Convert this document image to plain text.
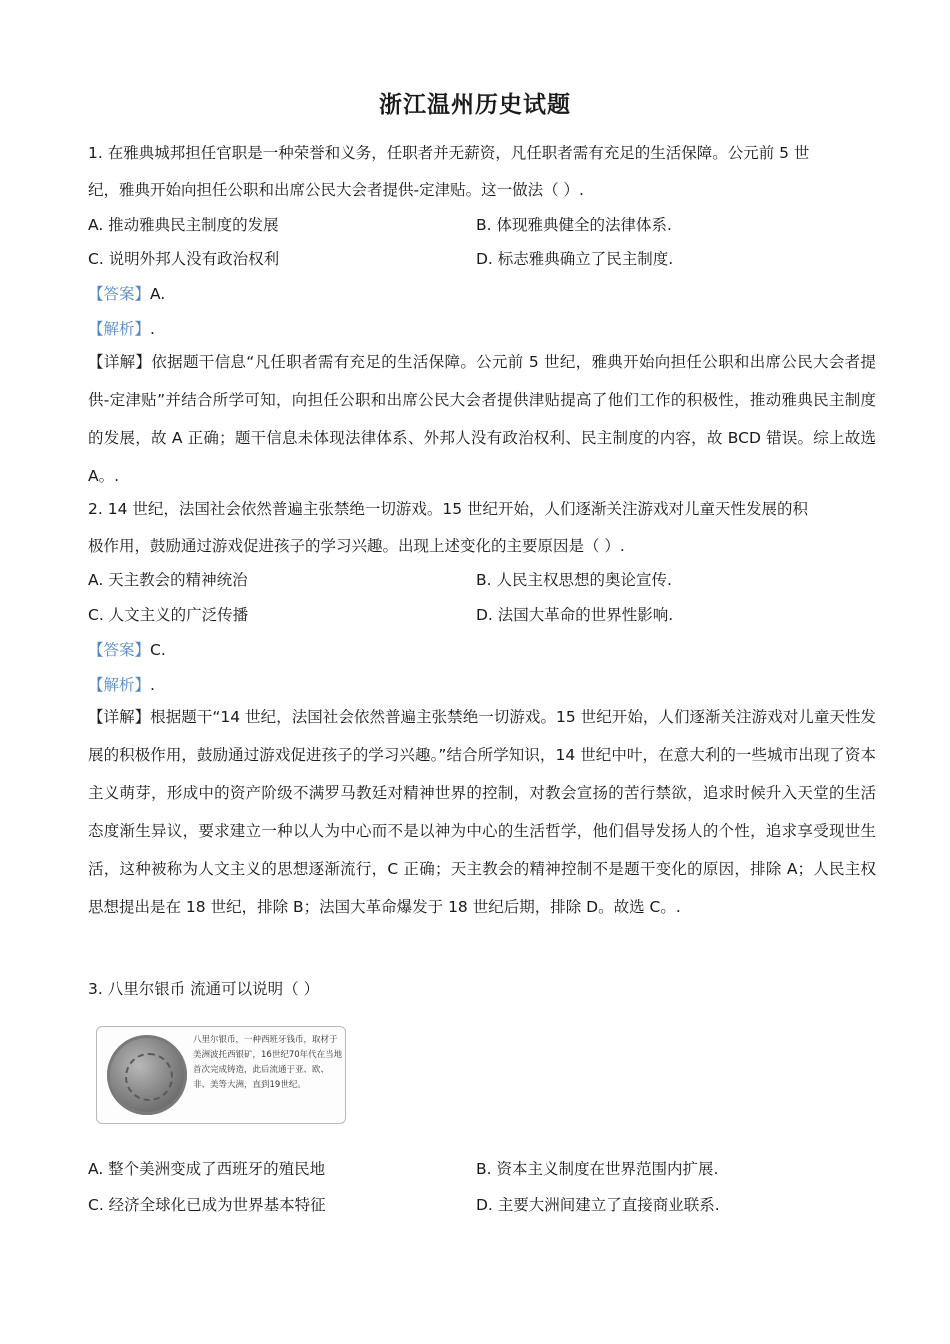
浙江温州历史试题
1. 在雅典城邦担任官职是一种荣誉和义务，任职者并无薪资，凡任职者需有充足的生活保障。公元前 5 世
纪，雅典开始向担任公职和出席公民大会者提供-定津贴。这一做法（ ）.
A. 推动雅典民主制度的发展	B. 体现雅典健全的法律体系.
C. 说明外邦人没有政治权利	D. 标志雅典确立了民主制度.
【答案】A.
【解析】.
【详解】依据题干信息“凡任职者需有充足的生活保障。公元前 5 世纪，雅典开始向担任公职和出席公民大会者提供-定津贴”并结合所学可知，向担任公职和出席公民大会者提供津贴提高了他们工作的积极性，推动雅典民主制度的发展，故 A 正确；题干信息未体现法律体系、外邦人没有政治权利、民主制度的内容，故 BCD 错误。综上故选 A。.
2. 14 世纪，法国社会依然普遍主张禁绝一切游戏。15 世纪开始，人们逐渐关注游戏对儿童天性发展的积
极作用，鼓励通过游戏促进孩子的学习兴趣。出现上述变化的主要原因是（ ）.
A. 天主教会的精神统治	B. 人民主权思想的奥论宣传.
C. 人文主义的广泛传播	D. 法国大革命的世界性影响.
【答案】C.
【解析】.
【详解】根据题干“14 世纪，法国社会依然普遍主张禁绝一切游戏。15 世纪开始，人们逐渐关注游戏对儿童天性发展的积极作用，鼓励通过游戏促进孩子的学习兴趣。”结合所学知识，14 世纪中叶，在意大利的一些城市出现了资本主义萌芽，形成中的资产阶级不满罗马教廷对精神世界的控制，对教会宣扬的苦行禁欲，追求时候升入天堂的生活态度渐生异议，要求建立一种以人为中心而不是以神为中心的生活哲学，他们倡导发扬人的个性，追求享受现世生活，这种被称为人文主义的思想逐渐流行，C 正确；天主教会的精神控制不是题干变化的原因，排除 A；人民主权思想提出是在 18 世纪，排除 B；法国大革命爆发于 18 世纪后期，排除 D。故选 C。.
3. 八里尔银币 流通可以说明（ ）
八里尔银币，一种西班牙钱币，取材于美洲波托西银矿，16世纪70年代在当地首次完成铸造，此后流通于亚、欧、非、美等大洲，直到19世纪。
A. 整个美洲变成了西班牙的殖民地	B. 资本主义制度在世界范围内扩展.
C. 经济全球化已成为世界基本特征	D. 主要大洲间建立了直接商业联系.
